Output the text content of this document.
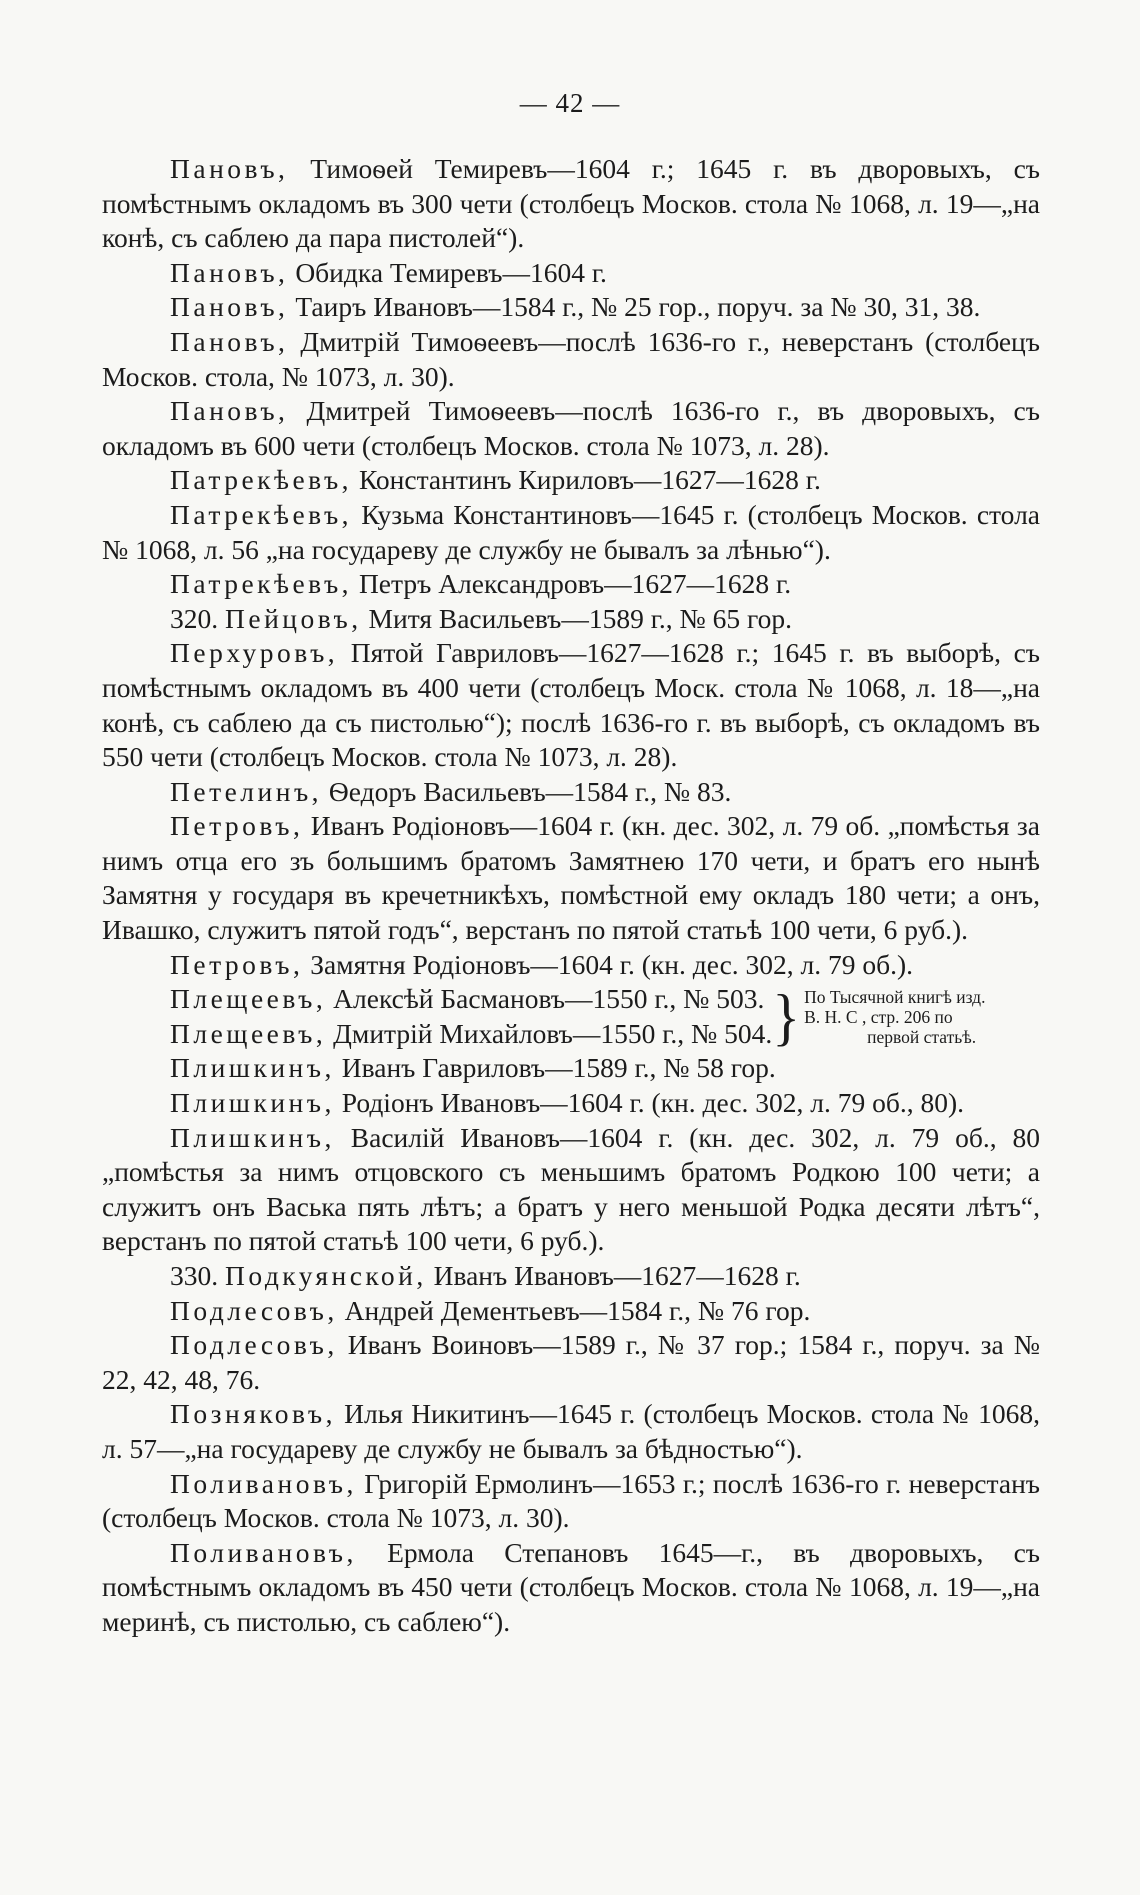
— 42 —

Пановъ, Тимоѳей Темиревъ—1604 г.; 1645 г. въ дворовыхъ, съ помѣстнымъ окладомъ въ 300 чети (столбецъ Москов. стола № 1068, л. 19—„на конѣ, съ саблею да пара пистолей“).

Пановъ, Обидка Темиревъ—1604 г.

Пановъ, Таиръ Ивановъ—1584 г., № 25 гор., поруч. за № 30, 31, 38.

Пановъ, Дмитрій Тимоѳеевъ—послѣ 1636-го г., неверстанъ (столбецъ Москов. стола, № 1073, л. 30).

Пановъ, Дмитрей Тимоѳеевъ—послѣ 1636-го г., въ дворовыхъ, съ окладомъ въ 600 чети (столбецъ Москов. стола № 1073, л. 28).

Патрекѣевъ, Константинъ Кириловъ—1627—1628 г.

Патрекѣевъ, Кузьма Константиновъ—1645 г. (столбецъ Москов. стола № 1068, л. 56 „на государеву де службу не бывалъ за лѣнью“).

Патрекѣевъ, Петръ Александровъ—1627—1628 г.

320. Пейцовъ, Митя Васильевъ—1589 г., № 65 гор.

Перхуровъ, Пятой Гавриловъ—1627—1628 г.; 1645 г. въ выборѣ, съ помѣстнымъ окладомъ въ 400 чети (столбецъ Моск. стола № 1068, л. 18—„на конѣ, съ саблею да съ пистолью“); послѣ 1636-го г. въ выборѣ, съ окладомъ въ 550 чети (столбецъ Москов. стола № 1073, л. 28).

Петелинъ, Ѳедоръ Васильевъ—1584 г., № 83.

Петровъ, Иванъ Родіоновъ—1604 г. (кн. дес. 302, л. 79 об. „помѣстья за нимъ отца его зъ большимъ братомъ Замятнею 170 чети, и братъ его нынѣ Замятня у государя въ кречетникѣхъ, помѣстной ему окладъ 180 чети; а онъ, Ивашко, служитъ пятой годъ“, верстанъ по пятой статьѣ 100 чети, 6 руб.).

Петровъ, Замятня Родіоновъ—1604 г. (кн. дес. 302, л. 79 об.).

Плещеевъ, Алексѣй Басмановъ—1550 г., № 503.

Плещеевъ, Дмитрій Михайловъ—1550 г., № 504. } По Тысячной книгѣ изд.
В. Н. С , стр. 206 по
первой статьѣ.

Плишкинъ, Иванъ Гавриловъ—1589 г., № 58 гор.

Плишкинъ, Родіонъ Ивановъ—1604 г. (кн. дес. 302, л. 79 об., 80).

Плишкинъ, Василій Ивановъ—1604 г. (кн. дес. 302, л. 79 об., 80 „помѣстья за нимъ отцовского съ меньшимъ братомъ Родкою 100 чети; а служитъ онъ Васька пять лѣтъ; а братъ у него меньшой Родка десяти лѣтъ“, верстанъ по пятой статьѣ 100 чети, 6 руб.).

330. Подкуянской, Иванъ Ивановъ—1627—1628 г.

Подлесовъ, Андрей Дементьевъ—1584 г., № 76 гор.

Подлесовъ, Иванъ Воиновъ—1589 г., № 37 гор.; 1584 г., поруч. за № 22, 42, 48, 76.

Позняковъ, Илья Никитинъ—1645 г. (столбецъ Москов. стола № 1068, л. 57—„на государеву де службу не бывалъ за бѣдностью“).

Поливановъ, Григорій Ермолинъ—1653 г.; послѣ 1636-го г. неверстанъ (столбецъ Москов. стола № 1073, л. 30).

Поливановъ, Ермола Степановъ 1645—г., въ дворовыхъ, съ помѣстнымъ окладомъ въ 450 чети (столбецъ Москов. стола № 1068, л. 19—„на меринѣ, съ пистолью, съ саблею“).
